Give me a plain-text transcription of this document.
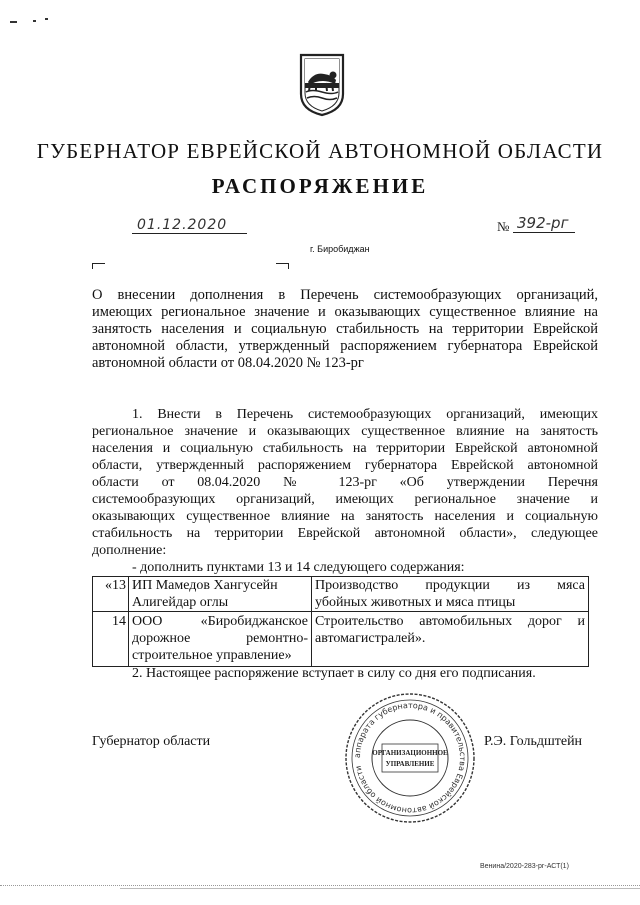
ГУБЕРНАТОР ЕВРЕЙСКОЙ АВТОНОМНОЙ ОБЛАСТИ
РАСПОРЯЖЕНИЕ
01.12.2020	№ 392-рг
г. Биробиджан
О внесении дополнения в Перечень системообразующих организаций,
имеющих региональное значение и оказывающих существенное влияние на
занятость населения и социальную стабильность на территории Еврейской
автономной области, утвержденный распоряжением губернатора Еврейской
автономной области от 08.04.2020 № 123-рг
1. Внести в Перечень системообразующих организаций, имеющих
региональное значение и оказывающих существенное влияние на занятость
населения и социальную стабильность на территории Еврейской автономной
области, утвержденный распоряжением губернатора Еврейской автономной
области от 08.04.2020 № 123-рг «Об утверждении Перечня
системообразующих организаций, имеющих региональное значение и
оказывающих существенное влияние на занятость населения и социальную
стабильность на территории Еврейской автономной области», следующее
дополнение:
- дополнить пунктами 13 и 14 следующего содержания:
«13 ИП Мамедов Хангусейн
Алигейдар оглы
Производство продукции из мяса
убойных животных и мяса птицы
14 ООО «Биробиджанское
дорожное ремонтно-
строительное управление»
Строительство автомобильных дорог и
автомагистралей».
2. Настоящее распоряжение вступает в силу со дня его подписания.
Губернатор области	Р.Э. Гольдштейн
аппарата губернатора и правительства Еврейской автономной области
ОРГАНИЗАЦИОННОЕ
УПРАВЛЕНИЕ
Венина/2020-283-рг-АСТ(1)
